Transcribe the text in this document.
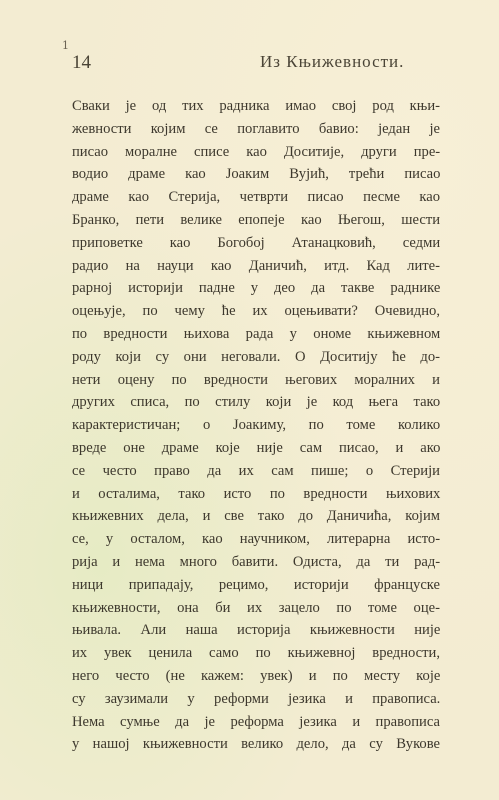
1
14	Из Књижевности.
Сваки је од тих радника имао свој род књи-
жевности којим се поглавито бавио: један је
писао моралне списе као Доситије, други пре-
водио драме као Јоаким Вујић, трећи писао
драме као Стерија, четврти писао песме као
Бранко, пети велике епопеје као Његош, шести
приповетке као Богобој Атанацковић, седми
радио на науци као Даничић, итд. Кад лите-
рарној историји падне у део да такве раднике
оцењује, по чему ће их оцењивати? Очевидно,
по вредности њихова рада у ономе књижевном
роду који су они неговали. О Доситију ће до-
нети оцену по вредности његових моралних и
других списа, по стилу који је код њега тако
карактеристичан; о Јоакиму, по томе колико
вреде оне драме које није сам писао, и ако
се често право да их сам пише; о Стерији
и осталима, тако исто по вредности њихових
књижевних дела, и све тако до Даничића, којим
се, у осталом, као научником, литерарна исто-
рија и нема много бавити. Одиста, да ти рад-
ници припадају, рецимо, историји француске
књижевности, она би их зацело по томе оце-
њивала. Али наша историја књижевности није
их увек ценила само по књижевној вредности,
него често (не кажем: увек) и по месту које
су заузимали у реформи језика и правописа.
Нема сумње да је реформа језика и правописа
у нашој књижевности велико дело, да су Вукове
